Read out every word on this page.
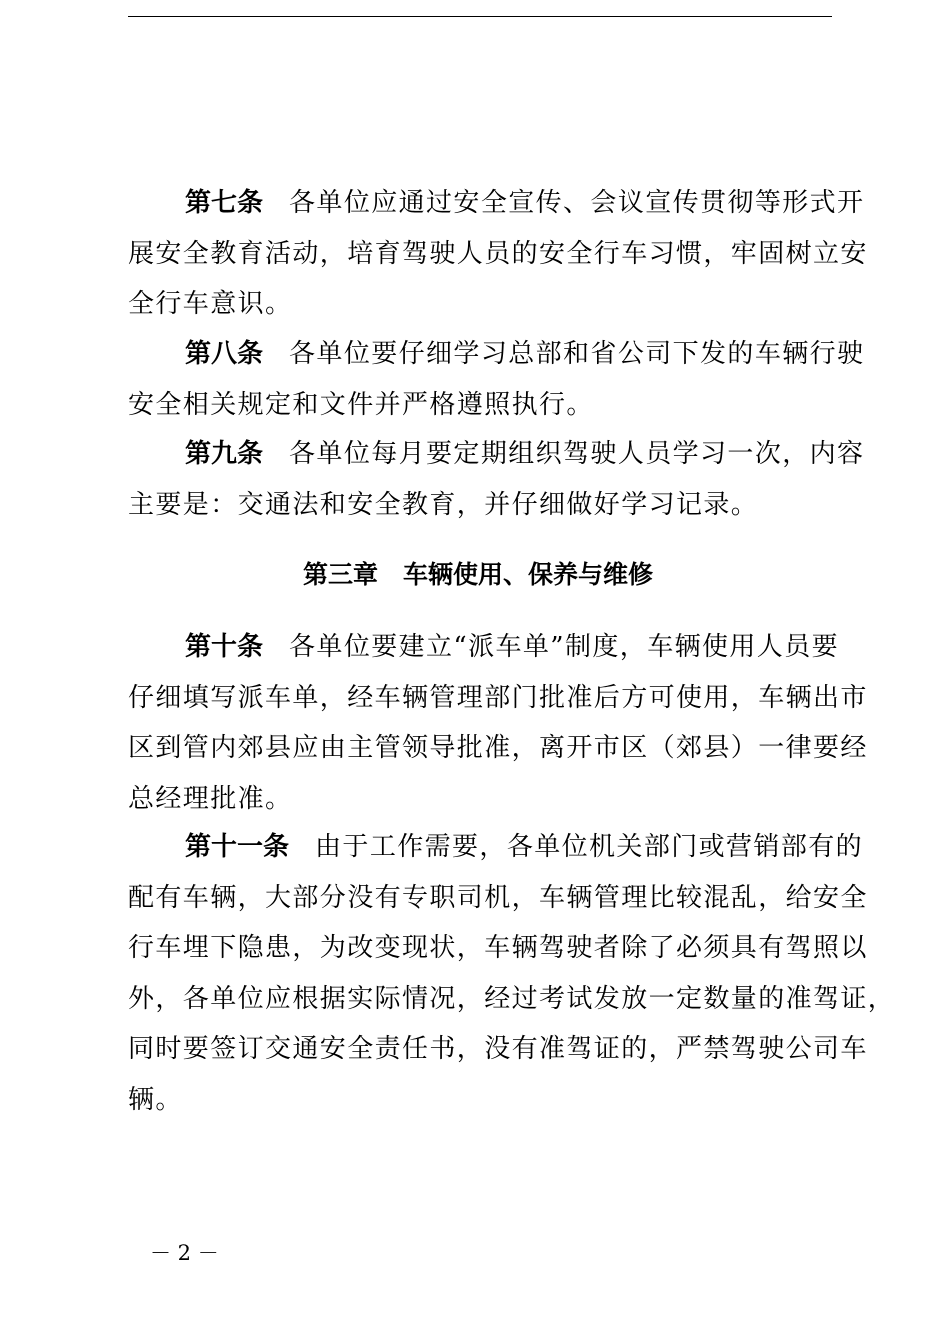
第七条 各单位应通过安全宣传、会议宣传贯彻等形式开
展安全教育活动，培育驾驶人员的安全行车习惯，牢固树立安
全行车意识。

第八条 各单位要仔细学习总部和省公司下发的车辆行驶
安全相关规定和文件并严格遵照执行。

第九条 各单位每月要定期组织驾驶人员学习一次，内容
主要是：交通法和安全教育，并仔细做好学习记录。

第三章　车辆使用、保养与维修

第十条 各单位要建立“派车单”制度，车辆使用人员要
仔细填写派车单，经车辆管理部门批准后方可使用，车辆出市
区到管内郊县应由主管领导批准，离开市区（郊县）一律要经
总经理批准。

第十一条 由于工作需要，各单位机关部门或营销部有的
配有车辆，大部分没有专职司机，车辆管理比较混乱，给安全
行车埋下隐患，为改变现状，车辆驾驶者除了必须具有驾照以
外，各单位应根据实际情况，经过考试发放一定数量的准驾证，
同时要签订交通安全责任书，没有准驾证的，严禁驾驶公司车
辆。

－ 2 －
